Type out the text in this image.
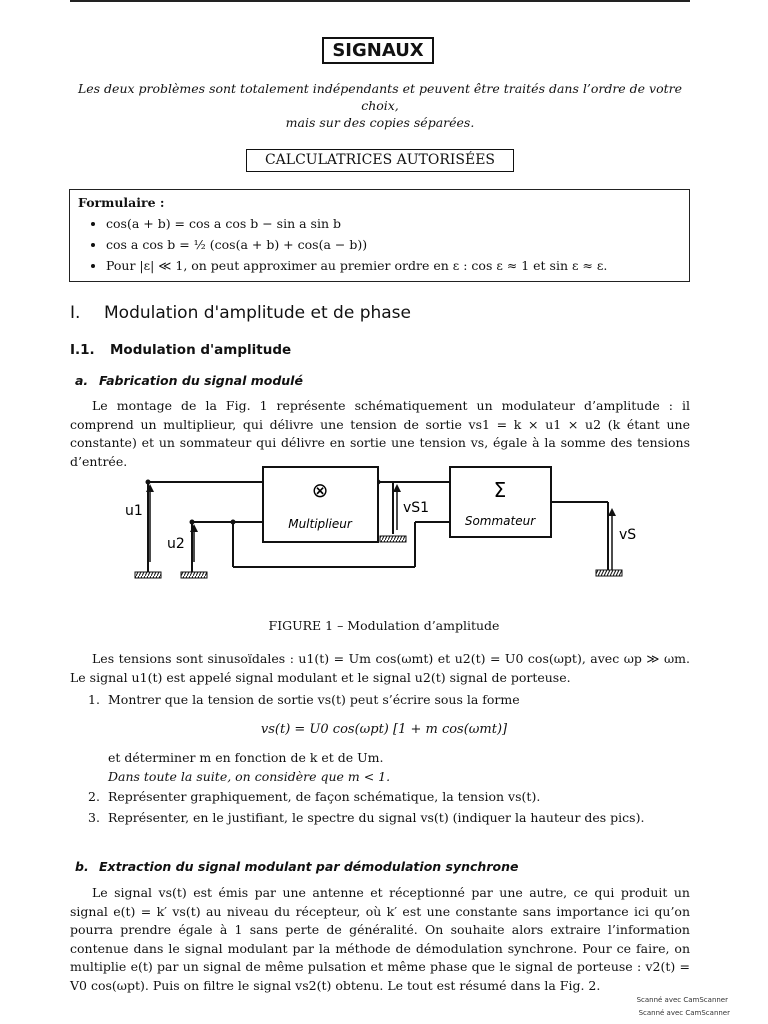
SIGNAUX
Les deux problèmes sont totalement indépendants et peuvent être traités dans l’ordre de votre choix,
mais sur des copies séparées.
CALCULATRICES AUTORISÉES
Formulaire :
• cos(a + b) = cos a cos b − sin a sin b
• cos a cos b = ½ (cos(a + b) + cos(a − b))
• Pour |ε| ≪ 1, on peut approximer au premier ordre en ε : cos ε ≈ 1 et sin ε ≈ ε.
I. Modulation d'amplitude et de phase
I.1. Modulation d'amplitude
a. Fabrication du signal modulé
Le montage de la Fig. 1 représente schématiquement un modulateur d’amplitude : il comprend un multiplieur, qui délivre une tension de sortie vs1 = k × u1 × u2 (k étant une constante) et un sommateur qui délivre en sortie une tension vs, égale à la somme des tensions d’entrée.
⊗
Multiplieur
Σ
Sommateur
u1
u2
vS1
vS
FIGURE 1 – Modulation d’amplitude
Les tensions sont sinusoïdales : u1(t) = Um cos(ωmt) et u2(t) = U0 cos(ωpt), avec ωp ≫ ωm. Le signal u1(t) est appelé signal modulant et le signal u2(t) signal de porteuse.
1. Montrer que la tension de sortie vs(t) peut s’écrire sous la forme
vs(t) = U0 cos(ωpt) [1 + m cos(ωmt)]
et déterminer m en fonction de k et de Um.
Dans toute la suite, on considère que m < 1.
2. Représenter graphiquement, de façon schématique, la tension vs(t).
3. Représenter, en le justifiant, le spectre du signal vs(t) (indiquer la hauteur des pics).
b. Extraction du signal modulant par démodulation synchrone
Le signal vs(t) est émis par une antenne et réceptionné par une autre, ce qui produit un signal e(t) = k′ vs(t) au niveau du récepteur, où k′ est une constante sans importance ici qu’on pourra prendre égale à 1 sans perte de généralité. On souhaite alors extraire l’information contenue dans le signal modulant par la méthode de démodulation synchrone. Pour ce faire, on multiplie e(t) par un signal de même pulsation et même phase que le signal de porteuse : v2(t) = V0 cos(ωpt). Puis on filtre le signal vs2(t) obtenu. Le tout est résumé dans la Fig. 2.
Scanné avec CamScanner
Scanné avec CamScanner
